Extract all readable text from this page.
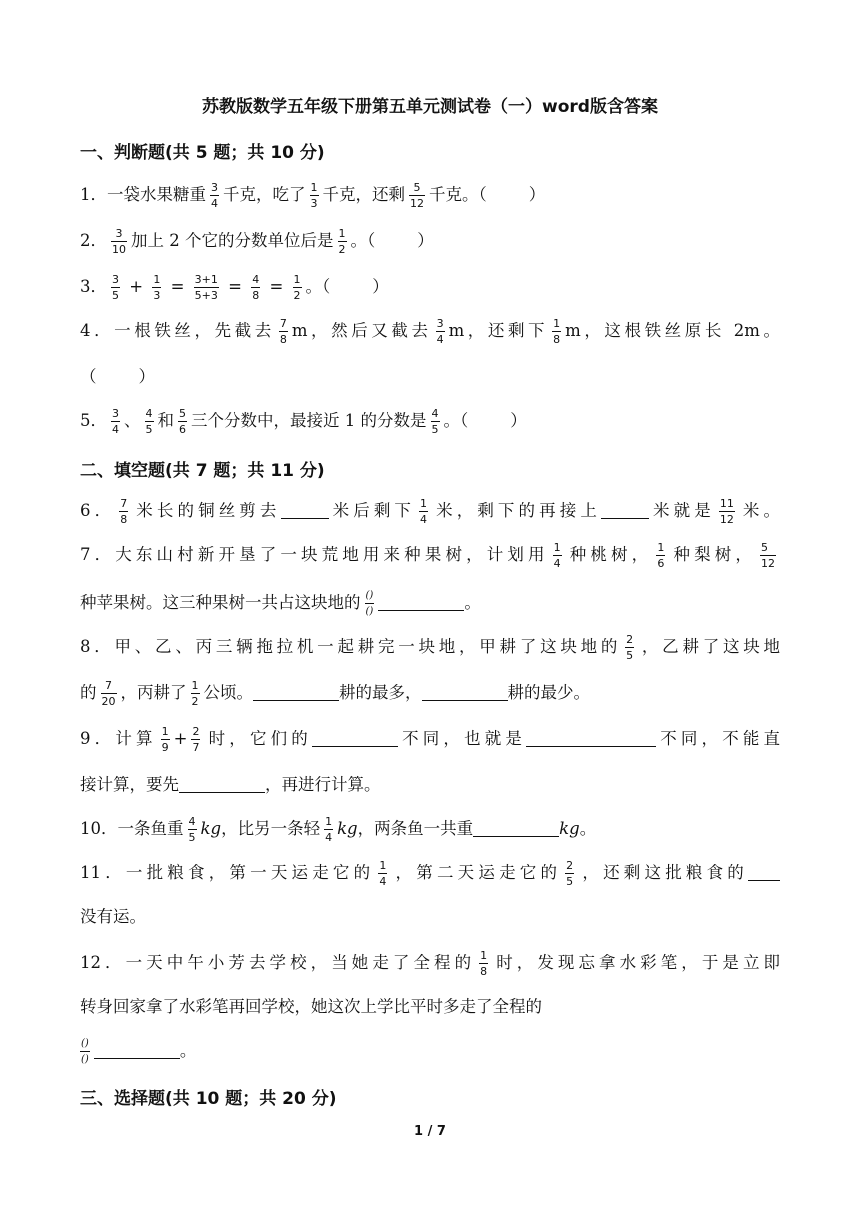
苏教版数学五年级下册第五单元测试卷（一）word版含答案
一、判断题(共 5 题；共 10 分)
1．一袋水果糖重 $\frac{3}{4}$ 千克，吃了 $\frac{1}{3}$ 千克，还剩 $\frac{5}{12}$ 千克。（	）
2． $\frac{3}{10}$ 加上 2 个它的分数单位后是 $\frac{1}{2}$ 。（	）
3． $\frac{3}{5} + \frac{1}{3} = \frac{3+1}{5+3} = \frac{4}{8} = \frac{1}{2}$ 。（	）
4．一根铁丝，先截去 $\frac{7}{8}$ m，然后又截去 $\frac{3}{4}$ m，还剩下 $\frac{1}{8}$ m，这根铁丝原长 2m。
（	）
5． $\frac{3}{4}$ 、 $\frac{4}{5}$ 和 $\frac{5}{6}$ 三个分数中，最接近 1 的分数是 $\frac{4}{5}$ 。（	）
二、填空题(共 7 题；共 11 分)
6． $\frac{7}{8}$ 米长的铜丝剪去	米后剩下 $\frac{1}{4}$ 米，剩下的再接上	米就是 $\frac{11}{12}$ 米。
7．大东山村新开垦了一块荒地用来种果树，计划用 $\frac{1}{4}$ 种桃树， $\frac{1}{6}$ 种梨树， $\frac{5}{12}$
种苹果树。这三种果树一共占这块地的 $\frac{()}{()}$	。
8．甲、乙、丙三辆拖拉机一起耕完一块地，甲耕了这块地的 $\frac{2}{5}$ ，乙耕了这块地
的 $\frac{7}{20}$ ，丙耕了 $\frac{1}{2}$ 公顷。	耕的最多，	耕的最少。
9．计算 $\frac{1}{9} + \frac{2}{7}$ 时，它们的	不同，也就是	不同，不能直
接计算，要先	，再进行计算。
10．一条鱼重 $\frac{4}{5}$ kg，比另一条轻 $\frac{1}{4}$ kg，两条鱼一共重	kg。
11．一批粮食，第一天运走它的 $\frac{1}{4}$ ，第二天运走它的 $\frac{2}{5}$ ，还剩这批粮食的
没有运。
12．一天中午小芳去学校，当她走了全程的 $\frac{1}{8}$ 时，发现忘拿水彩笔，于是立即
转身回家拿了水彩笔再回学校，她这次上学比平时多走了全程的
$\frac{()}{()}$	。
三、选择题(共 10 题；共 20 分)
1 / 7
